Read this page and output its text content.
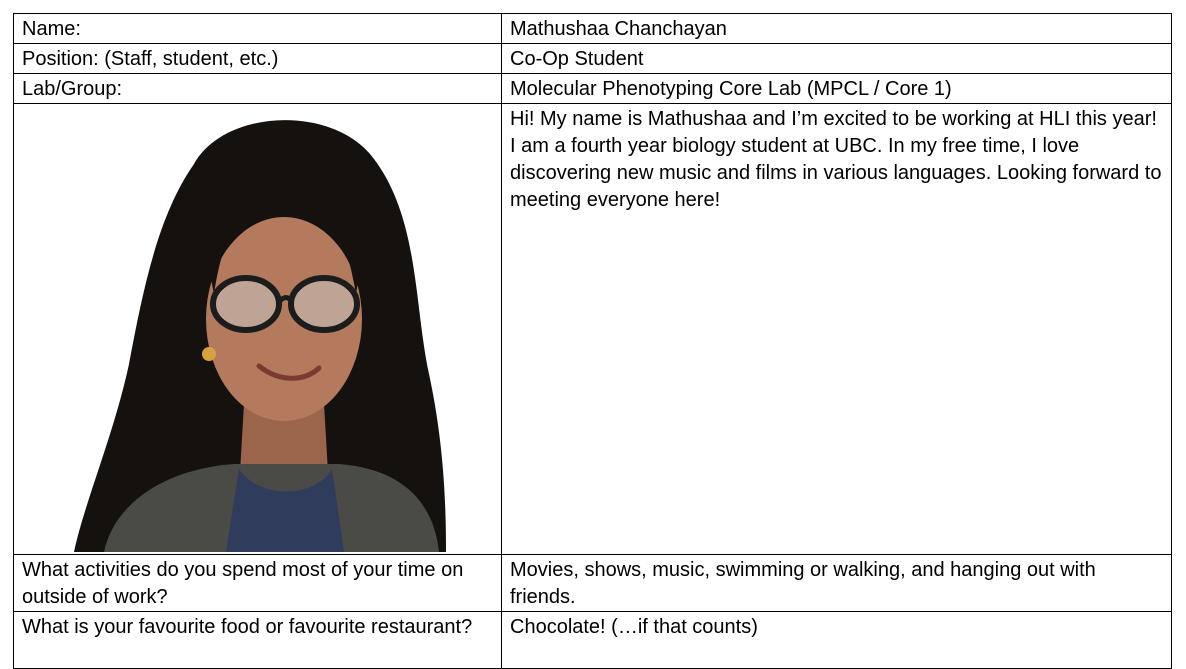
Name:	Mathushaa Chanchayan
Position: (Staff, student, etc.)	Co-Op Student
Lab/Group:	Molecular Phenotyping Core Lab (MPCL / Core 1)

	Hi! My name is Mathushaa and I’m excited to be working at HLI this year! I am a fourth year biology student at UBC. In my free time, I love discovering new music and films in various languages. Looking forward to meeting everyone here!
What activities do you spend most of your time on outside of work?	Movies, shows, music, swimming or walking, and hanging out with friends.
What is your favourite food or favourite restaurant?	Chocolate! (…if that counts)
